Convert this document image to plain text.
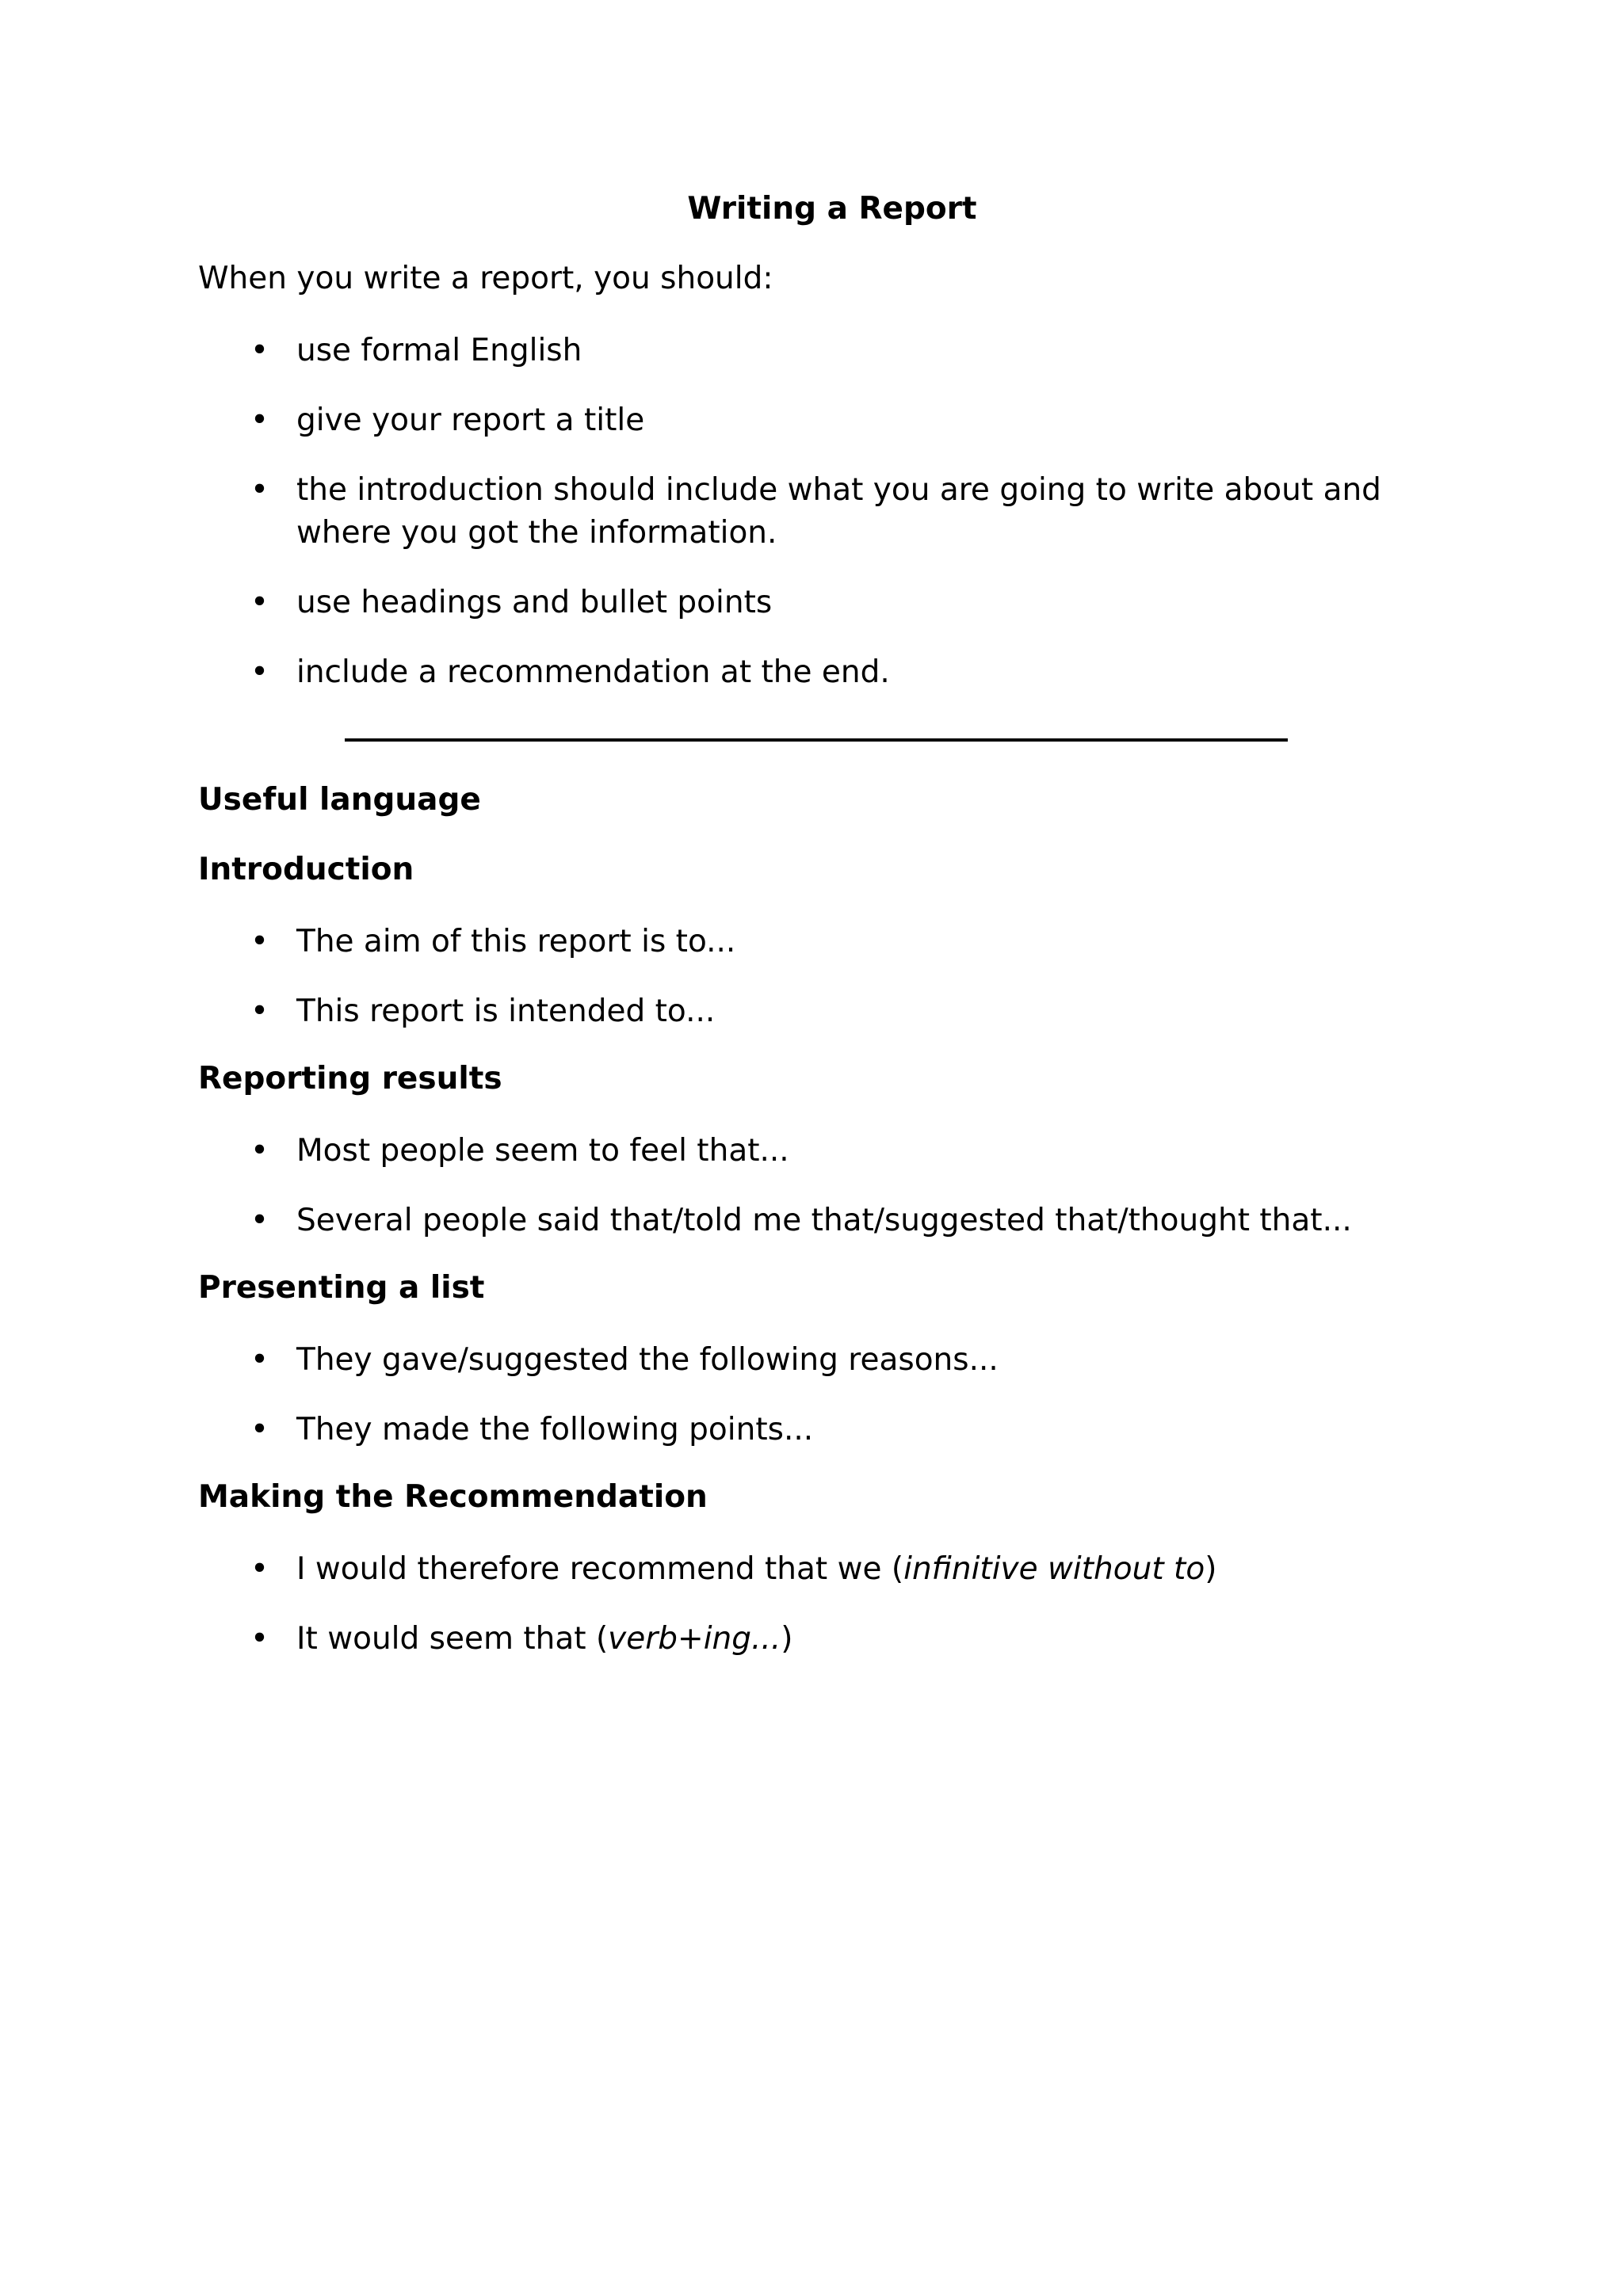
Writing a Report
When you write a report, you should:
• use formal English
• give your report a title
• the introduction should include what you are going to write about and where you got the information.
• use headings and bullet points
• include a recommendation at the end.
Useful language
Introduction
• The aim of this report is to...
• This report is intended to...
Reporting results
• Most people seem to feel that...
• Several people said that/told me that/suggested that/thought that...
Presenting a list
• They gave/suggested the following reasons...
• They made the following points...
Making the Recommendation
• I would therefore recommend that we (infinitive without to)
• It would seem that (verb+ing...)
